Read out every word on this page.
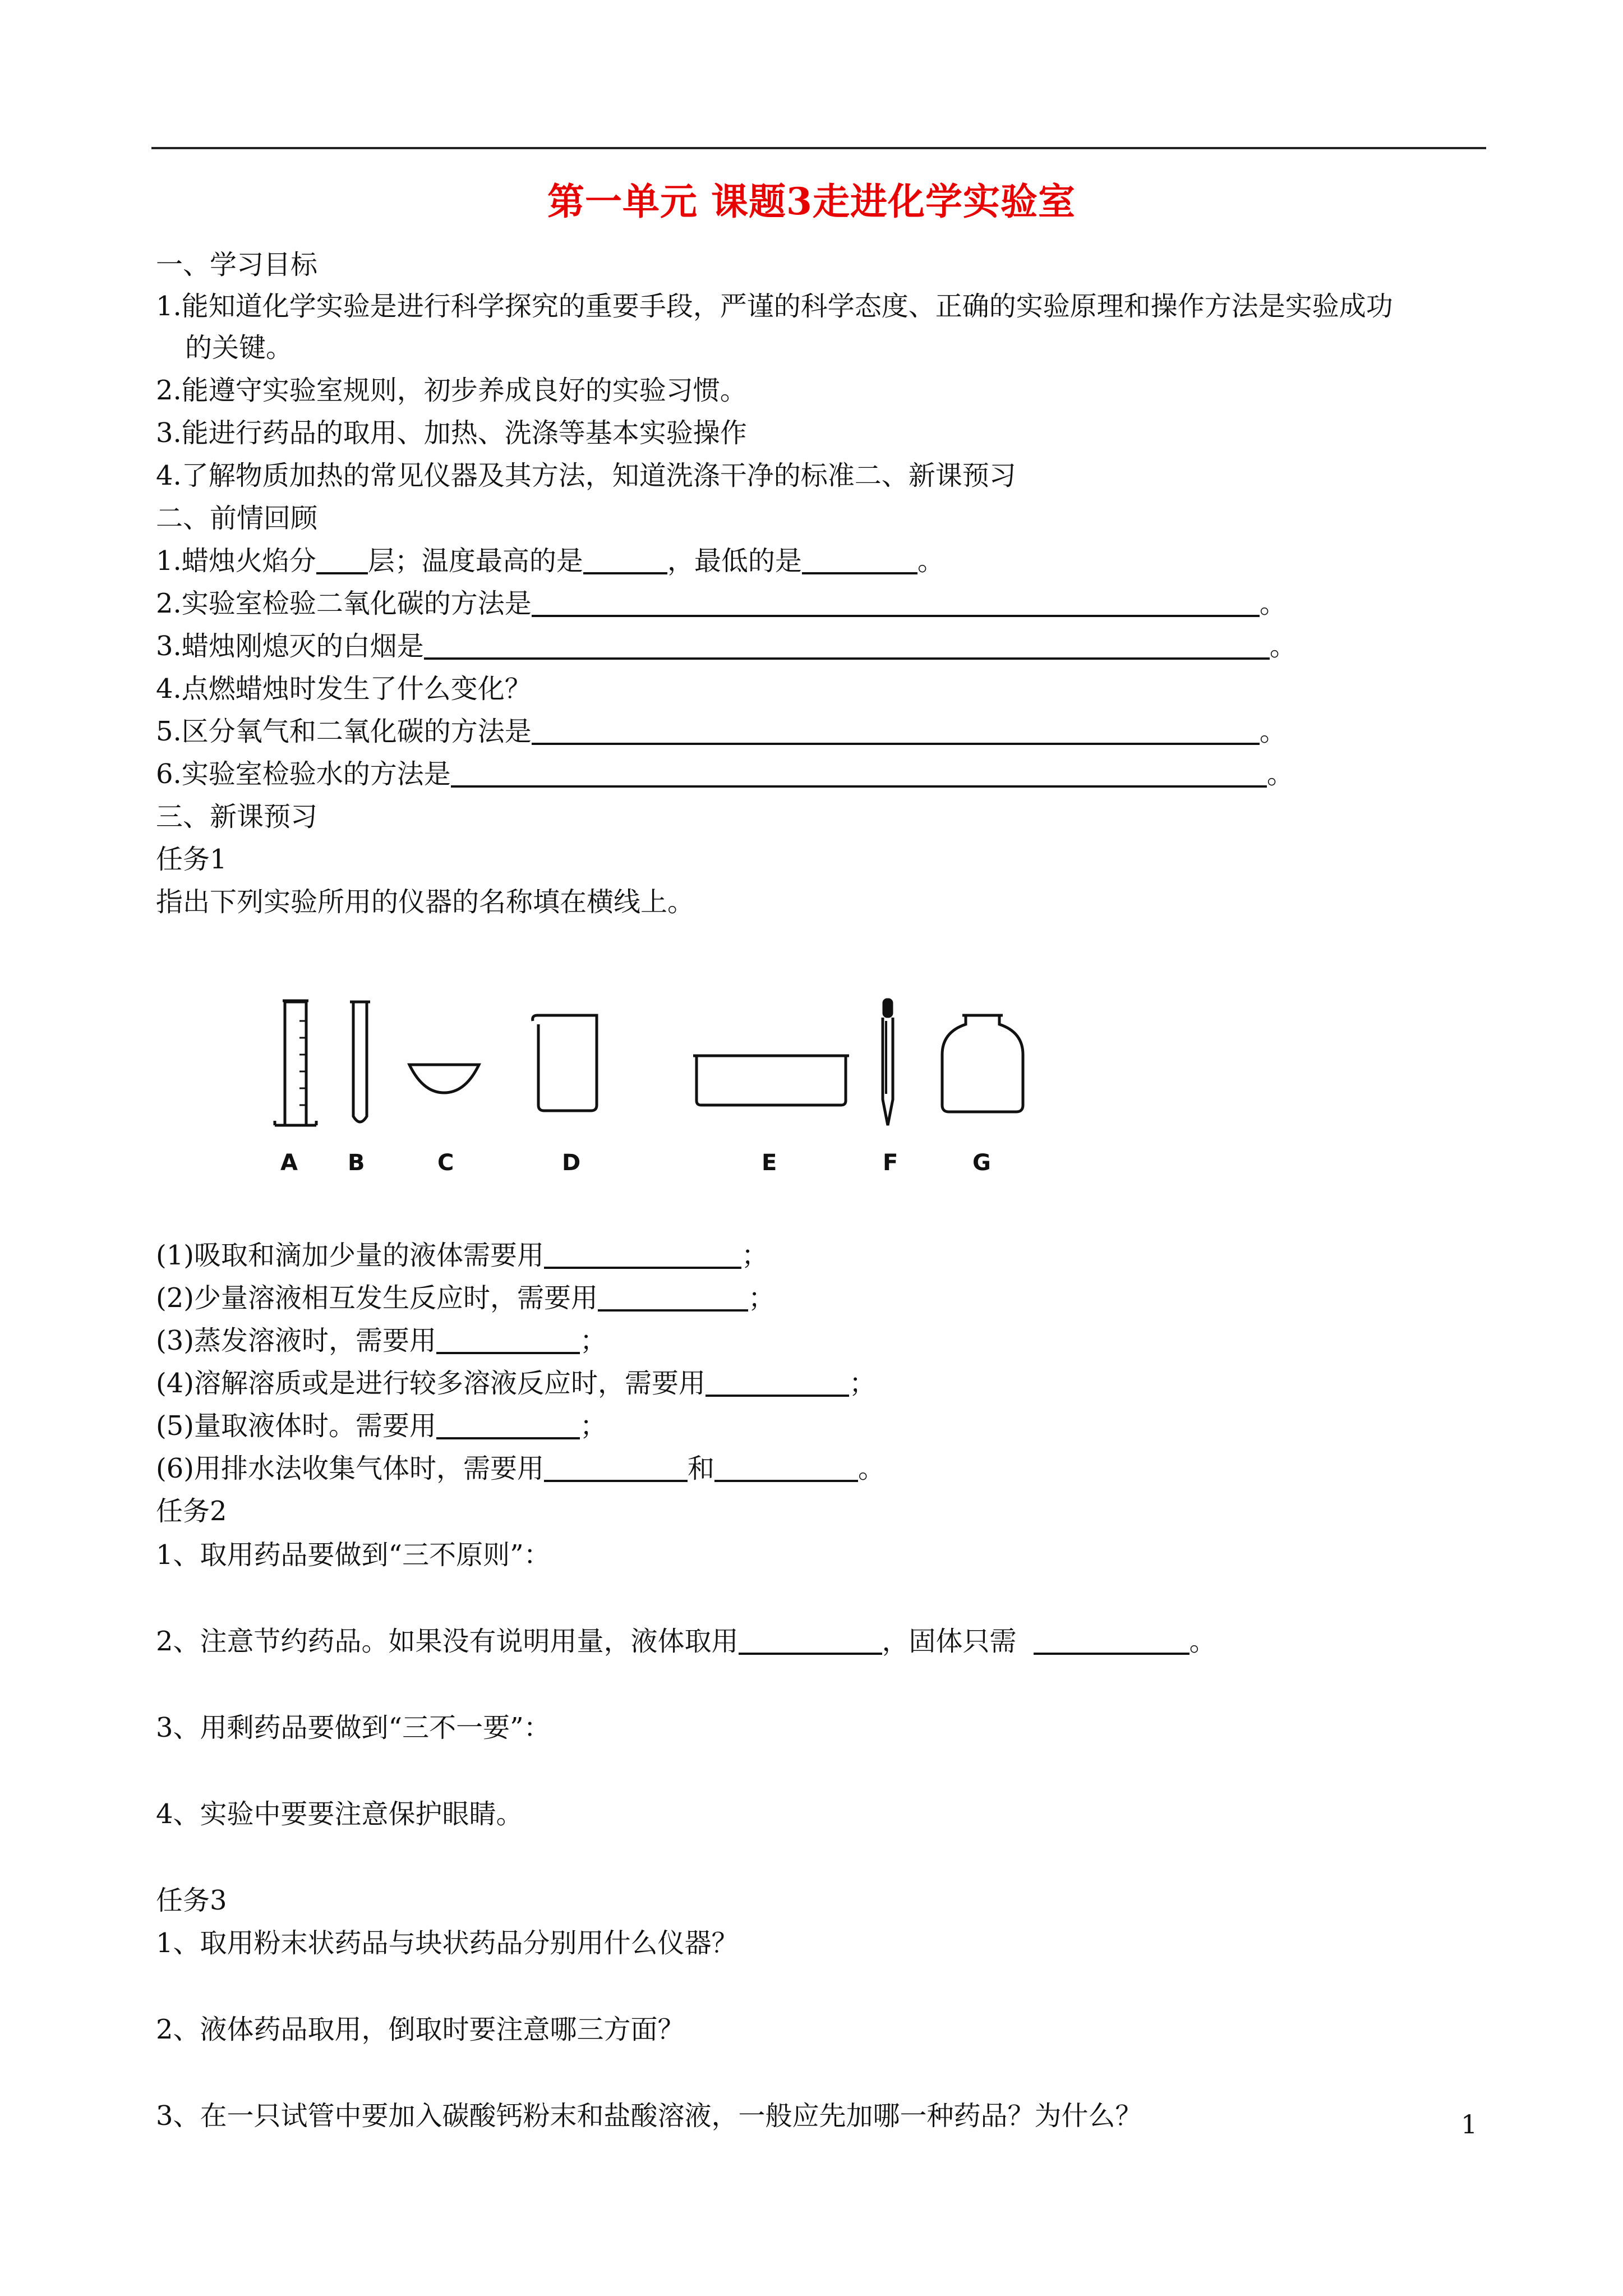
第一单元 课题3走进化学实验室
一、学习目标
1.能知道化学实验是进行科学探究的重要手段，严谨的科学态度、正确的实验原理和操作方法是实验成功
的关键。
2.能遵守实验室规则，初步养成良好的实验习惯。
3.能进行药品的取用、加热、洗涤等基本实验操作
4.了解物质加热的常见仪器及其方法，知道洗涤干净的标准二、新课预习
二、前情回顾
1.蜡烛火焰分 层；温度最高的是	，最低的是	。
2.实验室检验二氧化碳的方法是	。
3.蜡烛刚熄灭的白烟是	。
4.点燃蜡烛时发生了什么变化？
5.区分氧气和二氧化碳的方法是	。
6.实验室检验水的方法是	。
三、新课预习
任务1
指出下列实验所用的仪器的名称填在横线上。
A B	C	D	E	F	G
(1)吸取和滴加少量的液体需要用	；
(2)少量溶液相互发生反应时，需要用	；
(3)蒸发溶液时，需要用	；
(4)溶解溶质或是进行较多溶液反应时，需要用	；
(5)量取液体时。需要用	；
(6)用排水法收集气体时，需要用	和	。
任务2
1、取用药品要做到“三不原则”：
2、注意节约药品。如果没有说明用量，液体取用	，固体只需	。
3、用剩药品要做到“三不一要”：
4、实验中要要注意保护眼睛。
任务3
1、取用粉末状药品与块状药品分别用什么仪器？
2、液体药品取用，倒取时要注意哪三方面？
3、在一只试管中要加入碳酸钙粉末和盐酸溶液，一般应先加哪一种药品？为什么？	1
